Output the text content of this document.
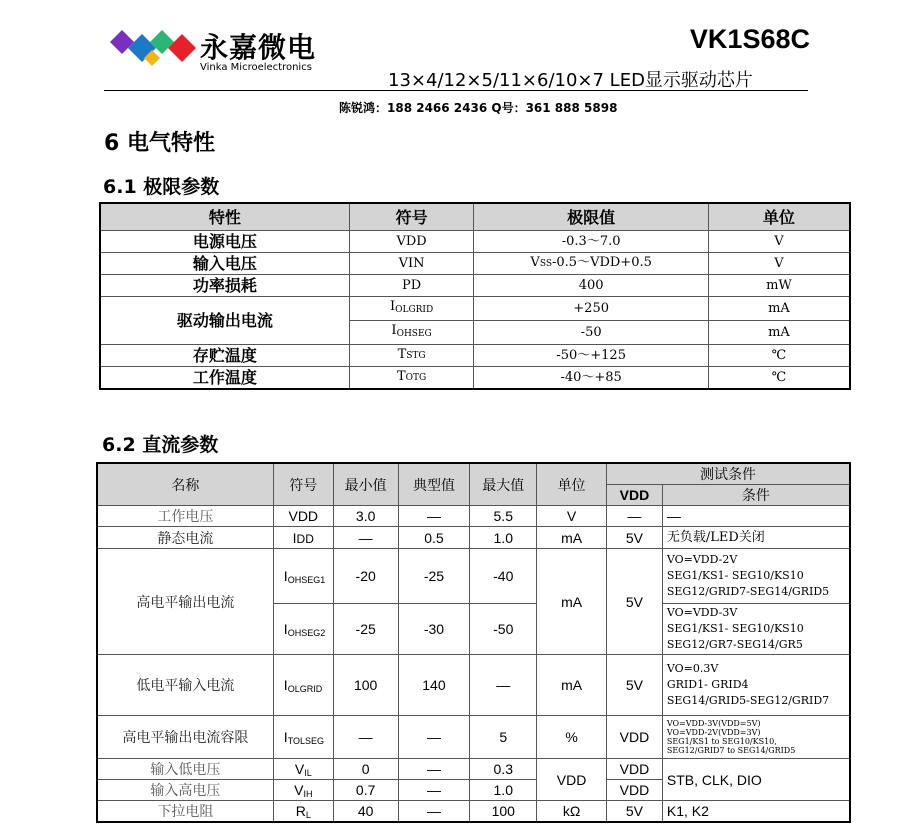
永嘉微电
Vinka Microelectronics
VK1S68C
13×4/12×5/11×6/10×7 LED显示驱动芯片
陈锐鸿：188 2466 2436 Q号：361 888 5898
6 电气特性
6.1 极限参数
特性	符号	极限值	单位
电源电压	VDD	-0.3～7.0	V
输入电压	VIN	VSS-0.5～VDD+0.5	V
功率损耗	PD	400	mW
驱动输出电流	$I_{OLGRID}$	+250	mA
	$I_{OHSEG}$	-50	mA
存贮温度	TSTG	-50～+125	℃
工作温度	TOTG	-40～+85	℃
6.2 直流参数
名称	符号	最小值	典型值	最大值	单位	测试条件	
						VDD	条件
工作电压	VDD	3.0	—	5.5	V	—	—
静态电流	IDD	—	0.5	1.0	mA	5V	无负载/LED关闭
高电平输出电流	$I_{OHSEG1}$	-20	-25	-40	mA	5V	VO=VDD-2V
SEG1/KS1- SEG10/KS10
SEG12/GRID7-SEG14/GRID5

	$I_{OHSEG2}$	-25	-30	-50			VO=VDD-3V
SEG1/KS1- SEG10/KS10
SEG12/GR7-SEG14/GR5

低电平输入电流	$I_{OLGRID}$	100	140	—	mA	5V	VO=0.3V
GRID1- GRID4
SEG14/GRID5-SEG12/GRID7

高电平输出电流容限	$I_{TOLSEG}$	—	—	5	%	VDD	VO=VDD-3V(VDD=5V)
VO=VDD-2V(VDD=3V)
SEG1/KS1 to SEG10/KS10,
SEG12/GRID7 to SEG14/GRID5

输入低电压	$V_{IL}$	0	—	0.3	VDD	VDD	STB, CLK, DIO
输入高电压	$V_{IH}$	0.7	—	1.0		VDD	
下拉电阻	$R_L$	40	—	100	kΩ	5V	K1, K2
